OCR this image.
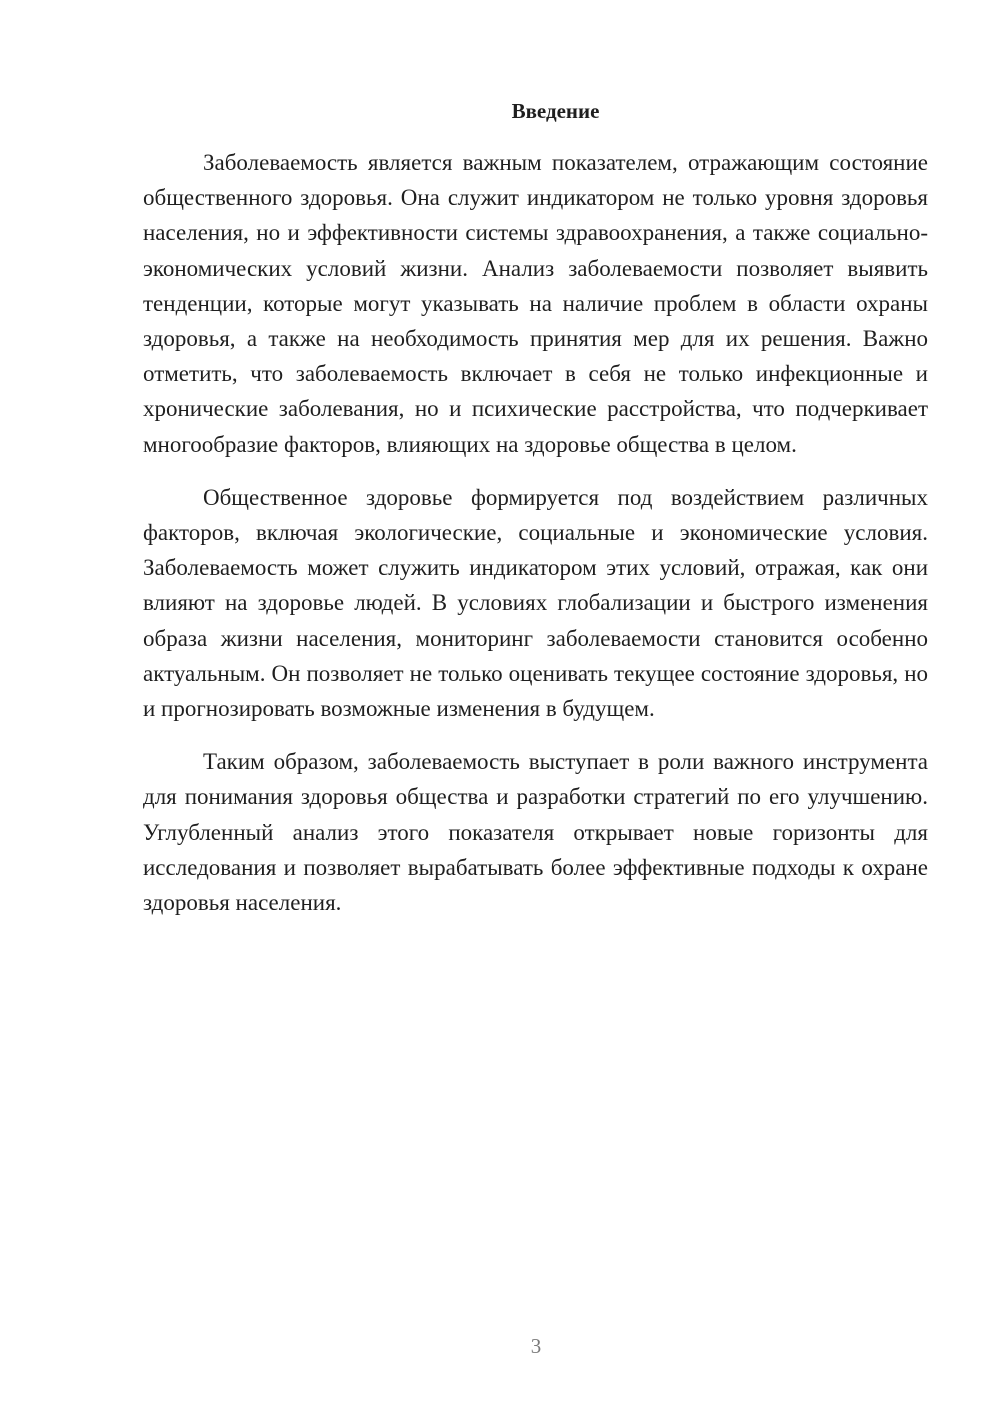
Введение

Заболеваемость является важным показателем, отражающим состояние общественного здоровья. Она служит индикатором не только уровня здоровья населения, но и эффективности системы здравоохранения, а также социально-экономических условий жизни. Анализ заболеваемости позволяет выявить тенденции, которые могут указывать на наличие проблем в области охраны здоровья, а также на необходимость принятия мер для их решения. Важно отметить, что заболеваемость включает в себя не только инфекционные и хронические заболевания, но и психические расстройства, что подчеркивает многообразие факторов, влияющих на здоровье общества в целом.

Общественное здоровье формируется под воздействием различных факторов, включая экологические, социальные и экономические условия. Заболеваемость может служить индикатором этих условий, отражая, как они влияют на здоровье людей. В условиях глобализации и быстрого изменения образа жизни населения, мониторинг заболеваемости становится особенно актуальным. Он позволяет не только оценивать текущее состояние здоровья, но и прогнозировать возможные изменения в будущем.

Таким образом, заболеваемость выступает в роли важного инструмента для понимания здоровья общества и разработки стратегий по его улучшению. Углубленный анализ этого показателя открывает новые горизонты для исследования и позволяет вырабатывать более эффективные подходы к охране здоровья населения.

3
